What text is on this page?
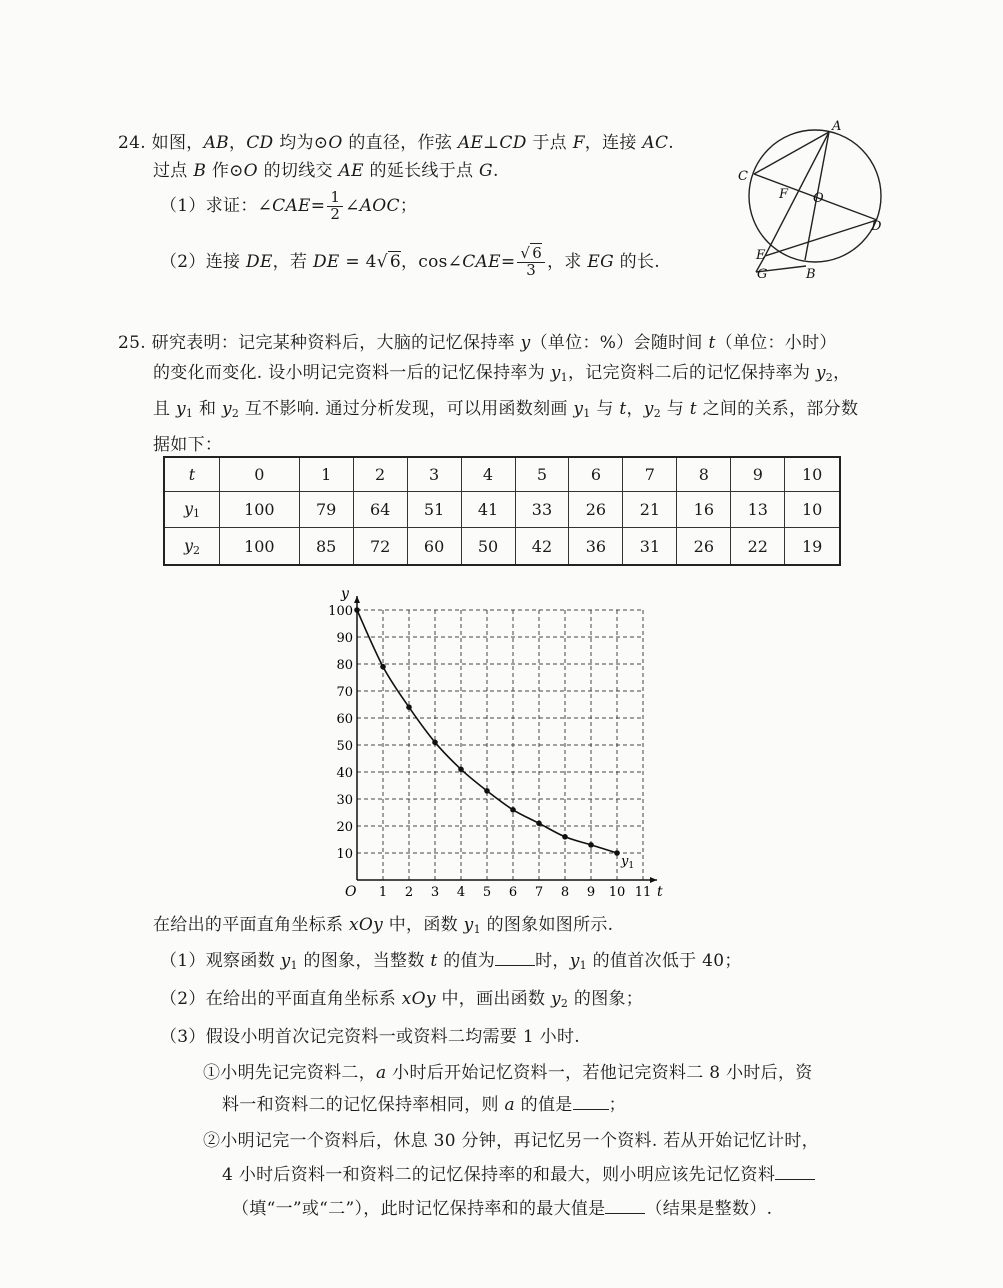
24. 如图，AB，CD 均为⊙O 的直径，作弦 AE⊥CD 于点 F，连接 AC.
过点 B 作⊙O 的切线交 AE 的延长线于点 G.
（1）求证：∠CAE= $\frac{1}{2}$ ∠AOC；
（2）连接 DE，若 DE = 4√ 6，cos∠CAE= $\frac{√ 6}{3}$ ，求 EG 的长.
A
C
F O
D
E
G	B
25. 研究表明：记完某种资料后，大脑的记忆保持率 y（单位：%）会随时间 t（单位：小时）
的变化而变化. 设小明记完资料一后的记忆保持率为 $y_1$，记完资料二后的记忆保持率为 $y_2$，
且 $y_1$ 和 $y_2$ 互不影响. 通过分析发现，可以用函数刻画 $y_1$ 与 t，$y_2$ 与 t 之间的关系，部分数
据如下：
t	0	1	2	3	4	5	6	7	8	9	10
$y_1$	100	79	64	51	41	33	26	21	16	13	10
$y_2$	100	85	72	60	50	42	36	31	26	22	19
1 2 3 4 5 6 7 8 9 10 11
10
20
30
40
50
60
70
80
90
100
O	t
y
$y_1$
在给出的平面直角坐标系 xOy 中，函数 $y_1$ 的图象如图所示.
（1）观察函数 $y_1$ 的图象，当整数 t 的值为 时，$y_1$ 的值首次低于 40；
（2）在给出的平面直角坐标系 xOy 中，画出函数 $y_2$ 的图象；
（3）假设小明首次记完资料一或资料二均需要 1 小时.
①小明先记完资料二，a 小时后开始记忆资料一，若他记完资料二 8 小时后，资
料一和资料二的记忆保持率相同，则 a 的值是 ；
②小明记完一个资料后，休息 30 分钟，再记忆另一个资料. 若从开始记忆计时，
4 小时后资料一和资料二的记忆保持率的和最大，则小明应该先记忆资料
（填“一”或“二”），此时记忆保持率和的最大值是 （结果是整数）.
